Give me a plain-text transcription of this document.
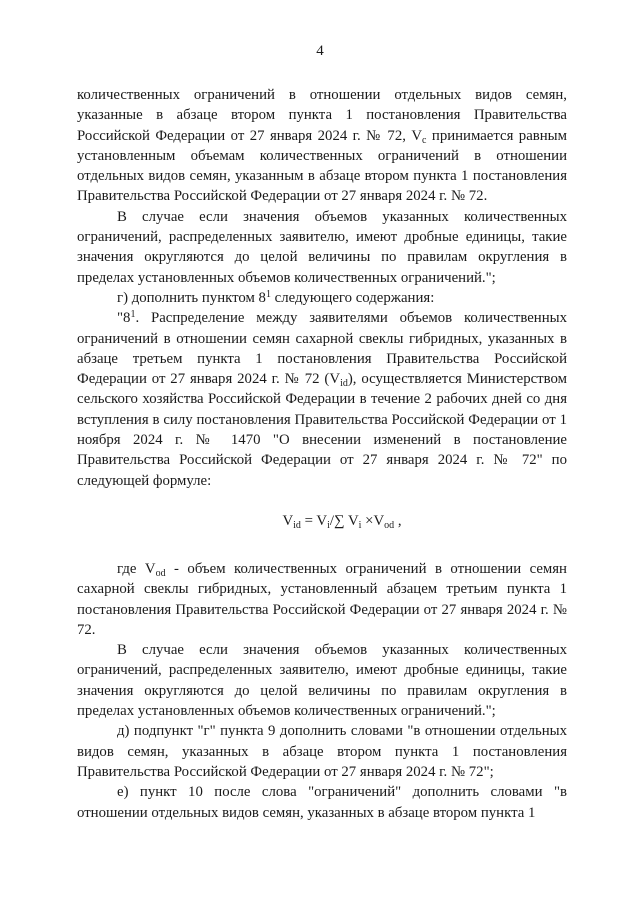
4

количественных ограничений в отношении отдельных видов семян, указанные в абзаце втором пункта 1 постановления Правительства Российской Федерации от 27 января 2024 г. № 72, $V_c$ принимается равным установленным объемам количественных ограничений в отношении отдельных видов семян, указанным в абзаце втором пункта 1 постановления Правительства Российской Федерации от 27 января 2024 г. № 72.

В случае если значения объемов указанных количественных ограничений, распределенных заявителю, имеют дробные единицы, такие значения округляются до целой величины по правилам округления в пределах установленных объемов количественных ограничений.";

г) дополнить пунктом $8^1$ следующего содержания:

"$8^1$. Распределение между заявителями объемов количественных ограничений в отношении семян сахарной свеклы гибридных, указанных в абзаце третьем пункта 1 постановления Правительства Российской Федерации от 27 января 2024 г. № 72 $(V_{id})$, осуществляется Министерством сельского хозяйства Российской Федерации в течение 2 рабочих дней со дня вступления в силу постановления Правительства Российской Федерации от 1 ноября 2024 г. № 1470 "О внесении изменений в постановление Правительства Российской Федерации от 27 января 2024 г. № 72" по следующей формуле:

$V_{id} = V_i/\sum$ $V_i \times V_{od}$ ,

где $V_{od}$ - объем количественных ограничений в отношении семян сахарной свеклы гибридных, установленный абзацем третьим пункта 1 постановления Правительства Российской Федерации от 27 января 2024 г. № 72.

В случае если значения объемов указанных количественных ограничений, распределенных заявителю, имеют дробные единицы, такие значения округляются до целой величины по правилам округления в пределах установленных объемов количественных ограничений.";

д) подпункт "г" пункта 9 дополнить словами "в отношении отдельных видов семян, указанных в абзаце втором пункта 1 постановления Правительства Российской Федерации от 27 января 2024 г. № 72";

е) пункт 10 после слова "ограничений" дополнить словами "в отношении отдельных видов семян, указанных в абзаце втором пункта 1
